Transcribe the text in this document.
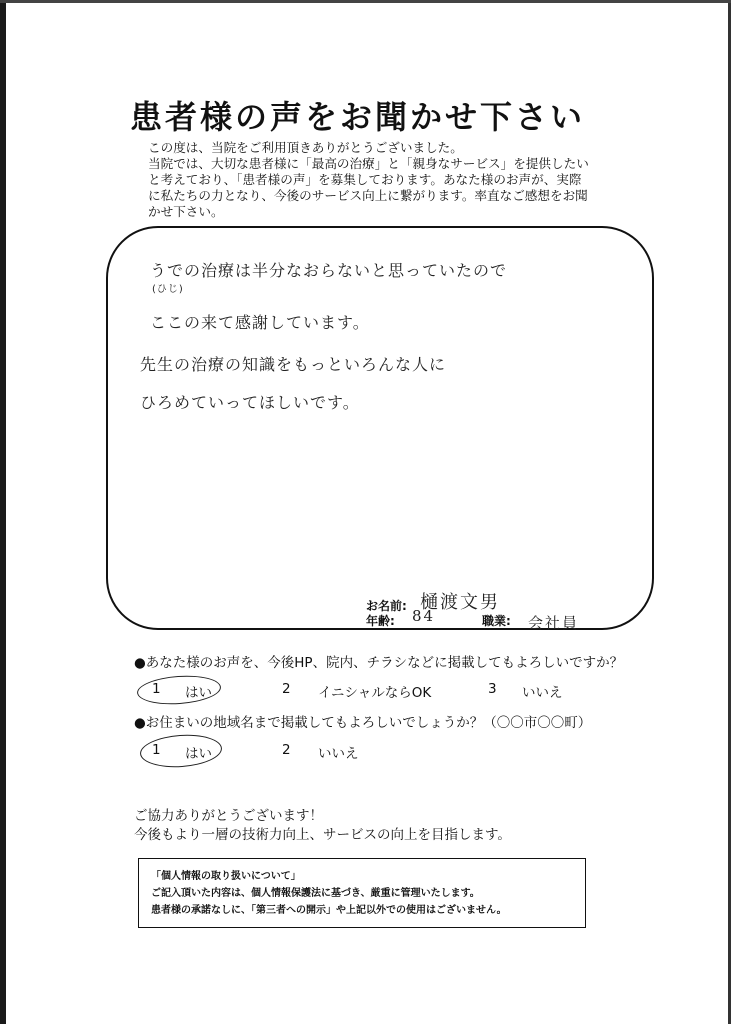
患者様の声をお聞かせ下さい
この度は、当院をご利用頂きありがとうございました。
当院では、大切な患者様に「最高の治療」と「親身なサービス」を提供したい
と考えており、「患者様の声」を募集しております。あなた様のお声が、実際
に私たちの力となり、今後のサービス向上に繋がります。率直なご感想をお聞
かせ下さい。
うでの治療は半分なおらないと思っていたので
(ひじ)
ここの来て感謝しています。
先生の治療の知識をもっといろんな人に
ひろめていってほしいです。
お名前: 樋渡文男
年齢: 84	職業: 会社員
●あなた様のお声を、今後HP、院内、チラシなどに掲載してもよろしいですか？
1 はい	2 イニシャルならOK	3 いいえ
●お住まいの地域名まで掲載してもよろしいでしょうか？（〇〇市〇〇町）
1 はい	2 いいえ
ご協力ありがとうございます！
今後もより一層の技術力向上、サービスの向上を目指します。
「個人情報の取り扱いについて」
ご記入頂いた内容は、個人情報保護法に基づき、厳重に管理いたします。
患者様の承諾なしに、「第三者への開示」や上記以外での使用はございません。
